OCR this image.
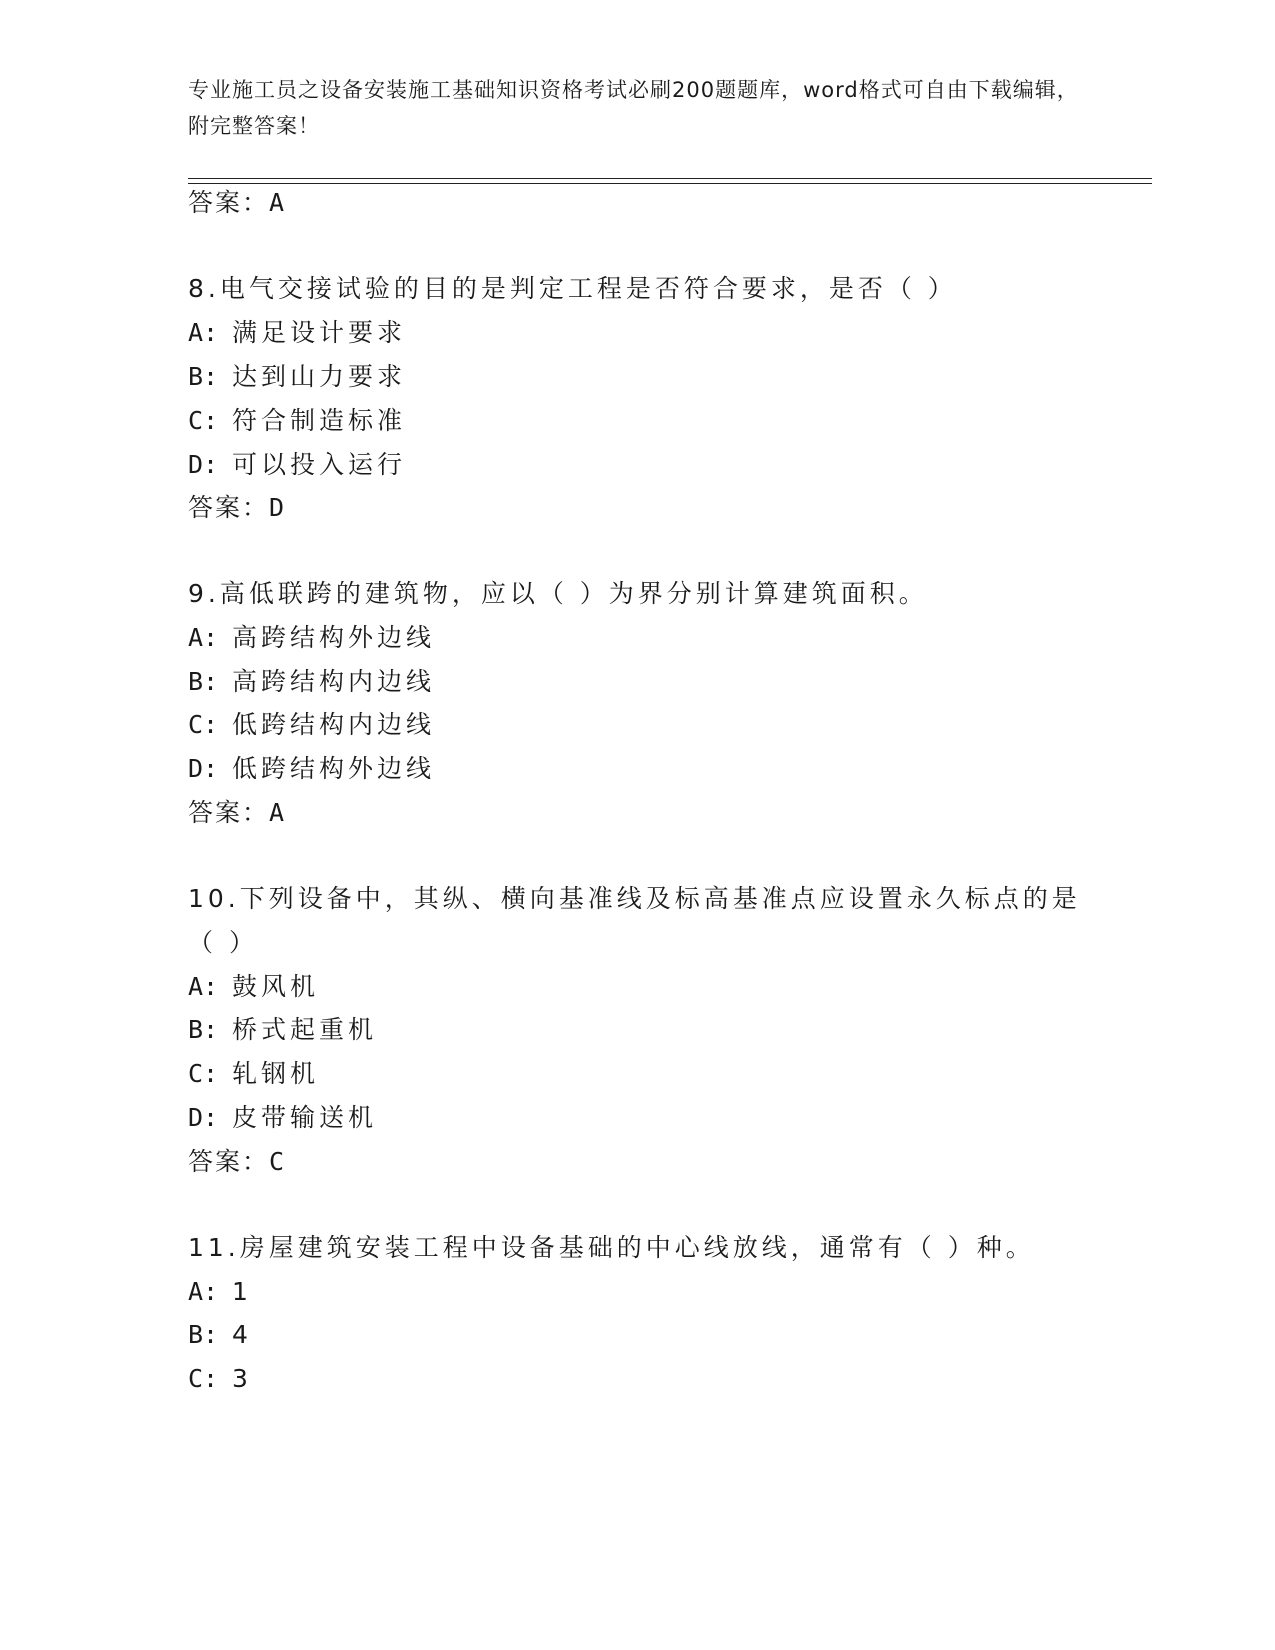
专业施工员之设备安装施工基础知识资格考试必刷200题题库，word格式可自由下载编辑，附完整答案！
答案：A
8.电气交接试验的目的是判定工程是否符合要求，是否（ ）
A: 满足设计要求
B: 达到山力要求
C: 符合制造标准
D: 可以投入运行
答案：D
9.高低联跨的建筑物，应以（ ）为界分别计算建筑面积。
A: 高跨结构外边线
B: 高跨结构内边线
C: 低跨结构内边线
D: 低跨结构外边线
答案：A
10.下列设备中，其纵、横向基准线及标高基准点应设置永久标点的是
（ ）
A: 鼓风机
B: 桥式起重机
C: 轧钢机
D: 皮带输送机
答案：C
11.房屋建筑安装工程中设备基础的中心线放线，通常有（ ）种。
A: 1
B: 4
C: 3
